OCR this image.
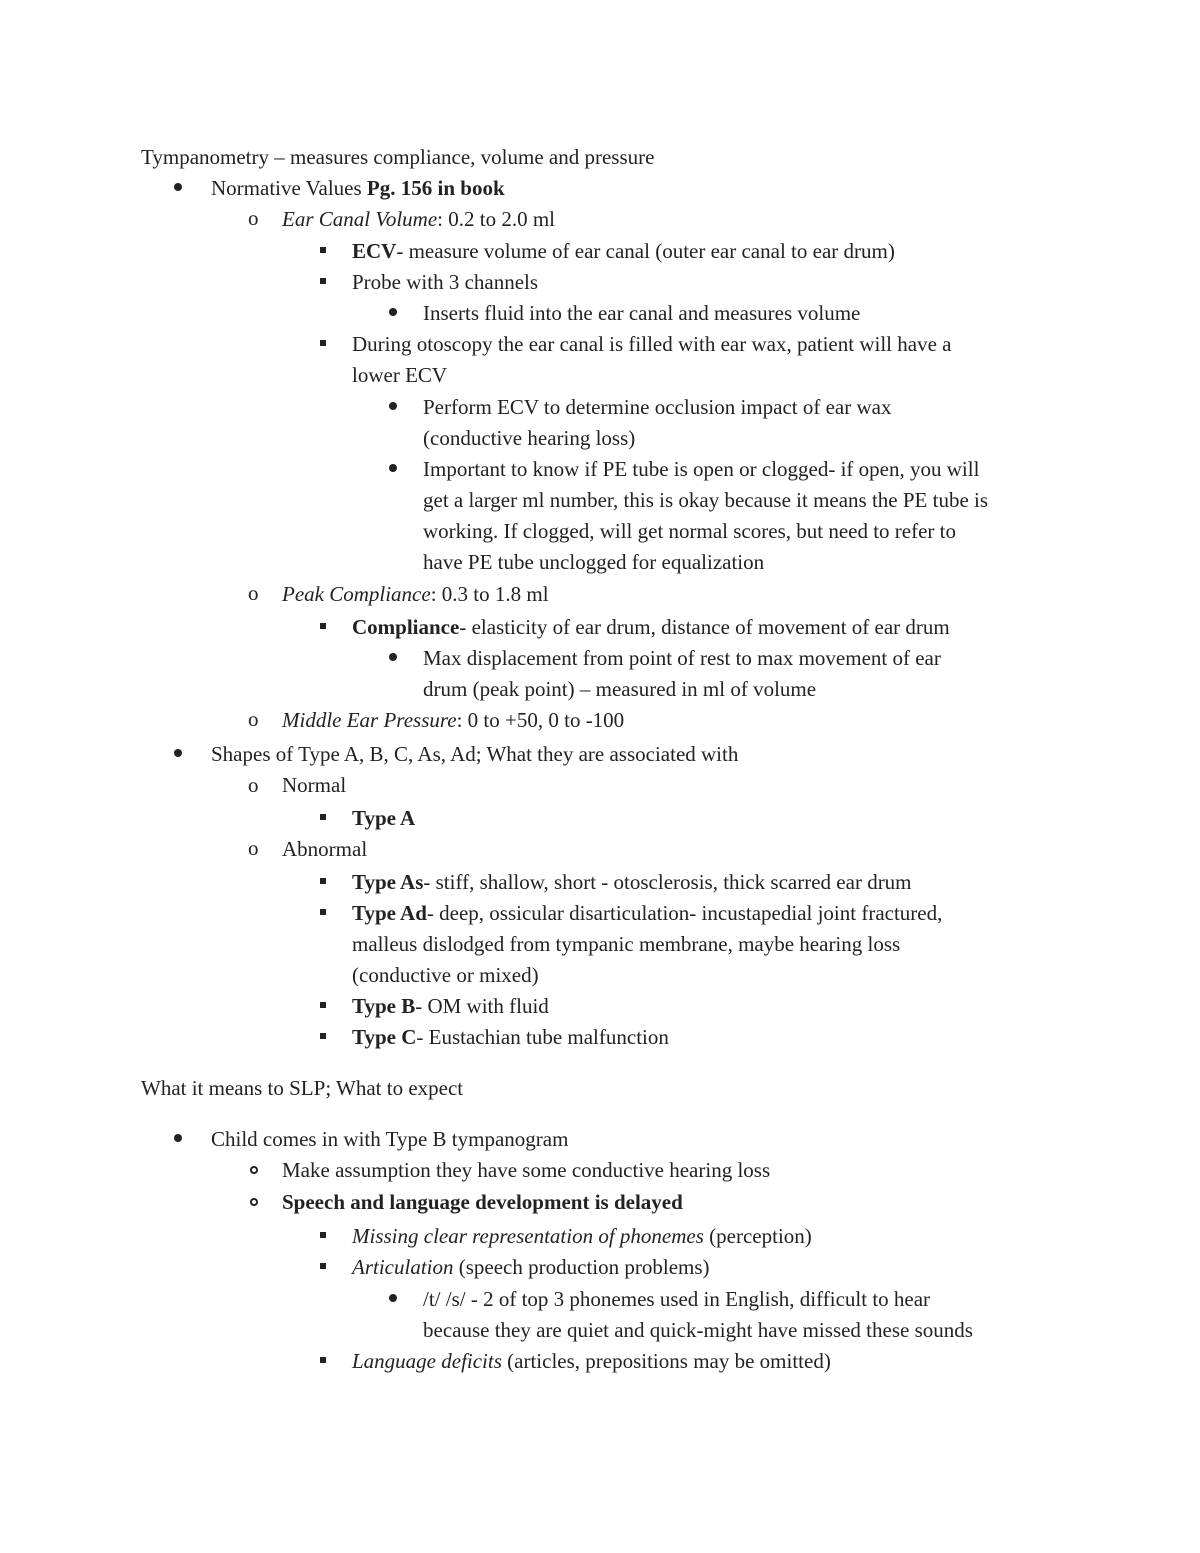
Tympanometry – measures compliance, volume and pressure
Normative Values Pg. 156 in book
o Ear Canal Volume: 0.2 to 2.0 ml
ECV- measure volume of ear canal (outer ear canal to ear drum)
Probe with 3 channels
Inserts fluid into the ear canal and measures volume
During otoscopy the ear canal is filled with ear wax, patient will have a
lower ECV
Perform ECV to determine occlusion impact of ear wax
(conductive hearing loss)
Important to know if PE tube is open or clogged- if open, you will
get a larger ml number, this is okay because it means the PE tube is
working. If clogged, will get normal scores, but need to refer to
have PE tube unclogged for equalization
o Peak Compliance: 0.3 to 1.8 ml
Compliance- elasticity of ear drum, distance of movement of ear drum
Max displacement from point of rest to max movement of ear
drum (peak point) – measured in ml of volume
o Middle Ear Pressure: 0 to +50, 0 to -100
Shapes of Type A, B, C, As, Ad; What they are associated with
o Normal
Type A
o Abnormal
Type As- stiff, shallow, short - otosclerosis, thick scarred ear drum
Type Ad- deep, ossicular disarticulation- incustapedial joint fractured,
malleus dislodged from tympanic membrane, maybe hearing loss
(conductive or mixed)
Type B- OM with fluid
Type C- Eustachian tube malfunction
What it means to SLP; What to expect
Child comes in with Type B tympanogram
Make assumption they have some conductive hearing loss
Speech and language development is delayed
Missing clear representation of phonemes (perception)
Articulation (speech production problems)
/t/ /s/ - 2 of top 3 phonemes used in English, difficult to hear
because they are quiet and quick-might have missed these sounds
Language deficits (articles, prepositions may be omitted)
